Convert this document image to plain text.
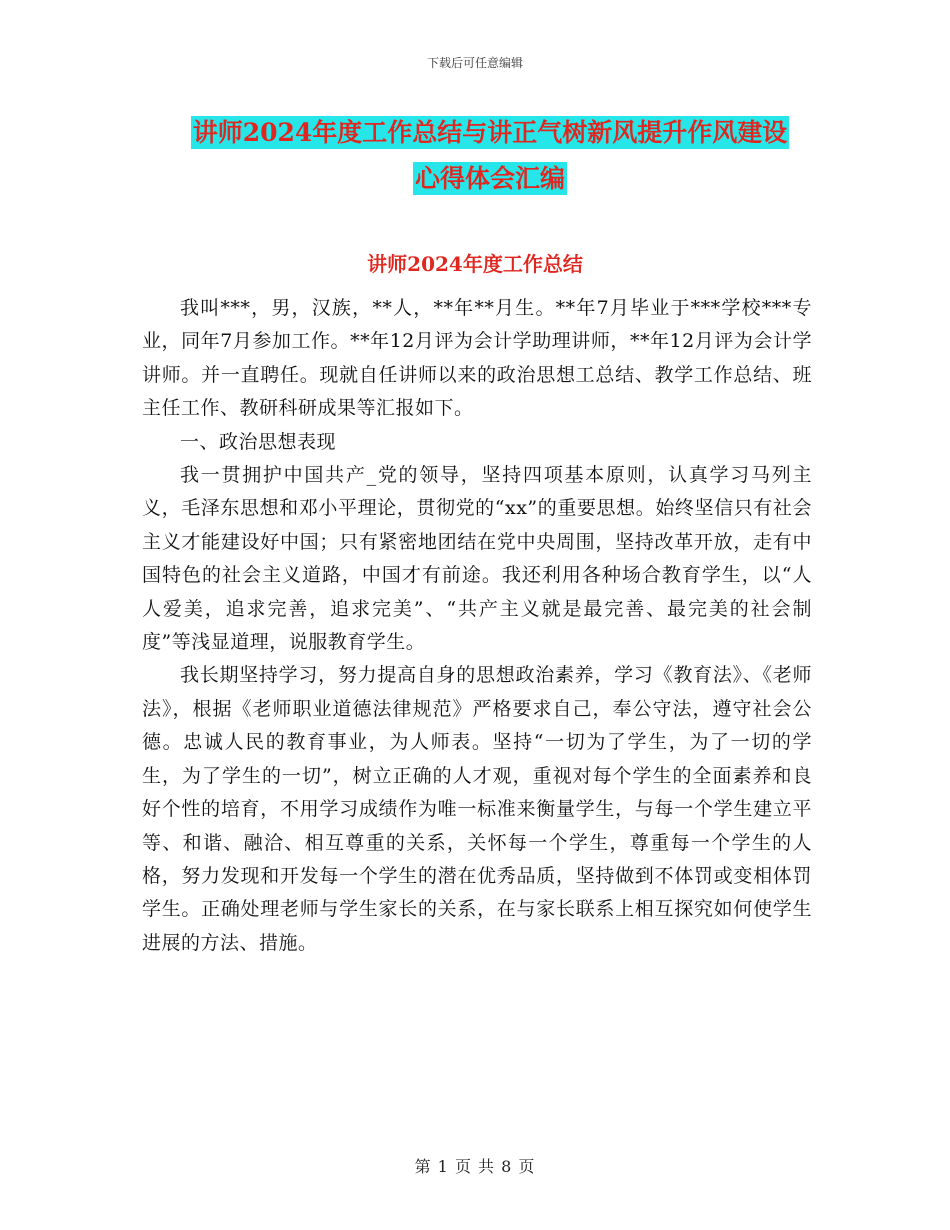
下载后可任意编辑
讲师2024年度工作总结与讲正气树新风提升作风建设
心得体会汇编
讲师2024年度工作总结

我叫***，男，汉族，**人，**年**月生。**年7月毕业于***学校***专业，同年7月参加工作。**年12月评为会计学助理讲师，**年12月评为会计学讲师。并一直聘任。现就自任讲师以来的政治思想工总结、教学工作总结、班主任工作、教研科研成果等汇报如下。

一、政治思想表现

我一贯拥护中国共产_党的领导，坚持四项基本原则，认真学习马列主义，毛泽东思想和邓小平理论，贯彻党的“xx”的重要思想。始终坚信只有社会主义才能建设好中国；只有紧密地团结在党中央周围，坚持改革开放，走有中国特色的社会主义道路，中国才有前途。我还利用各种场合教育学生，以“人人爱美，追求完善，追求完美”、“共产主义就是最完善、最完美的社会制度”等浅显道理，说服教育学生。

我长期坚持学习，努力提高自身的思想政治素养，学习《教育法》、《老师法》，根据《老师职业道德法律规范》严格要求自己，奉公守法，遵守社会公德。忠诚人民的教育事业，为人师表。坚持“一切为了学生，为了一切的学生，为了学生的一切”，树立正确的人才观，重视对每个学生的全面素养和良好个性的培育，不用学习成绩作为唯一标准来衡量学生，与每一个学生建立平等、和谐、融洽、相互尊重的关系，关怀每一个学生，尊重每一个学生的人格，努力发现和开发每一个学生的潜在优秀品质，坚持做到不体罚或变相体罚学生。正确处理老师与学生家长的关系，在与家长联系上相互探究如何使学生进展的方法、措施。

第 1 页 共 8 页
